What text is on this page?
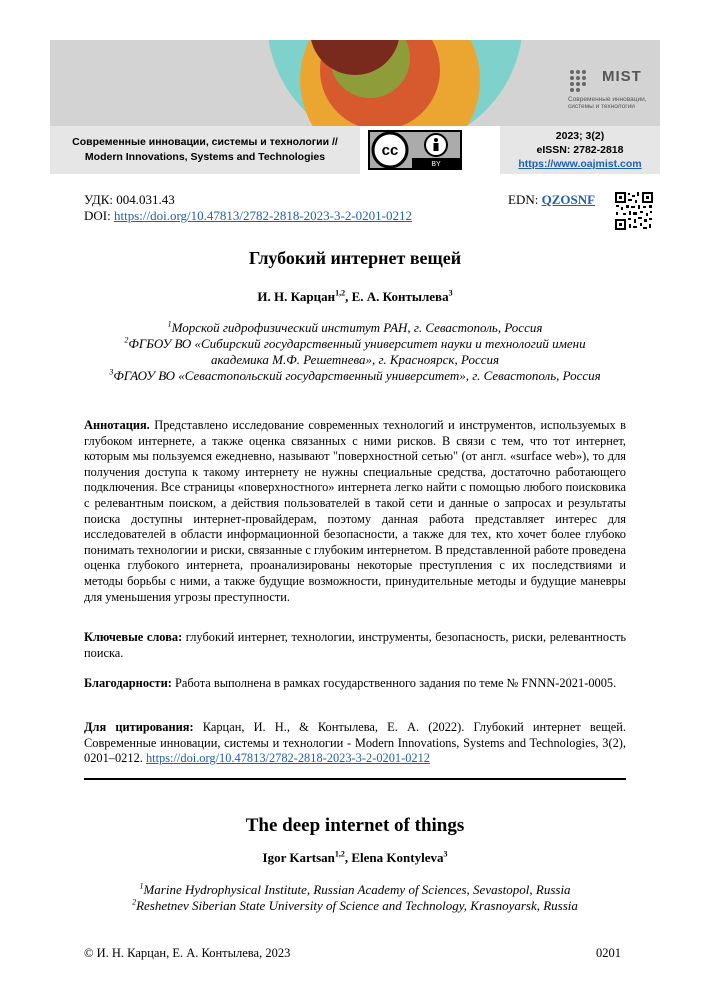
MIST
Современные инновации, системы и технологии
Современные инновации, системы и технологии //
Modern Innovations, Systems and Technologies	cc
BY
2023; 3(2)
eISSN: 2782-2818
https://www.oajmist.com
УДК: 004.031.43
DOI: https://doi.org/10.47813/2782-2818-2023-3-2-0201-0212
EDN: QZOSNF
Глубокий интернет вещей
И. Н. Карцан$^{1,2}$, Е. А. Контылева$^3$
$^1$Морской гидрофизический институт РАН, г. Севастополь, Россия
$^2$ФГБОУ ВО «Сибирский государственный университет науки и технологий имени академика М.Ф. Решетнева», г. Красноярск, Россия
$^3$ФГАОУ ВО «Севастопольский государственный университет», г. Севастополь, Россия
Аннотация. Представлено исследование современных технологий и инструментов, используемых в глубоком интернете, а также оценка связанных с ними рисков. В связи с тем, что тот интернет, которым мы пользуемся ежедневно, называют "поверхностной сетью" (от англ. «surface web»), то для получения доступа к такому интернету не нужны специальные средства, достаточно работающего подключения. Все страницы «поверхностного» интернета легко найти с помощью любого поисковика с релевантным поиском, а действия пользователей в такой сети и данные о запросах и результаты поиска доступны интернет-провайдерам, поэтому данная работа представляет интерес для исследователей в области информационной безопасности, а также для тех, кто хочет более глубоко понимать технологии и риски, связанные с глубоким интернетом. В представленной работе проведена оценка глубокого интернета, проанализированы некоторые преступления с их последствиями и методы борьбы с ними, а также будущие возможности, принудительные методы и будущие маневры для уменьшения угрозы преступности.
Ключевые слова: глубокий интернет, технологии, инструменты, безопасность, риски, релевантность поиска.
Благодарности: Работа выполнена в рамках государственного задания по теме № FNNN-2021-0005.
Для цитирования: Карцан, И. Н., & Контылева, Е. А. (2022). Глубокий интернет вещей. Современные инновации, системы и технологии - Modern Innovations, Systems and Technologies, 3(2), 0201–0212. https://doi.org/10.47813/2782-2818-2023-3-2-0201-0212
The deep internet of things
Igor Kartsan$^{1,2}$, Elena Kontyleva$^3$
$^1$Marine Hydrophysical Institute, Russian Academy of Sciences, Sevastopol, Russia
$^2$Reshetnev Siberian State University of Science and Technology, Krasnoyarsk, Russia
© И. Н. Карцан, Е. А. Контылева, 2023	0201
